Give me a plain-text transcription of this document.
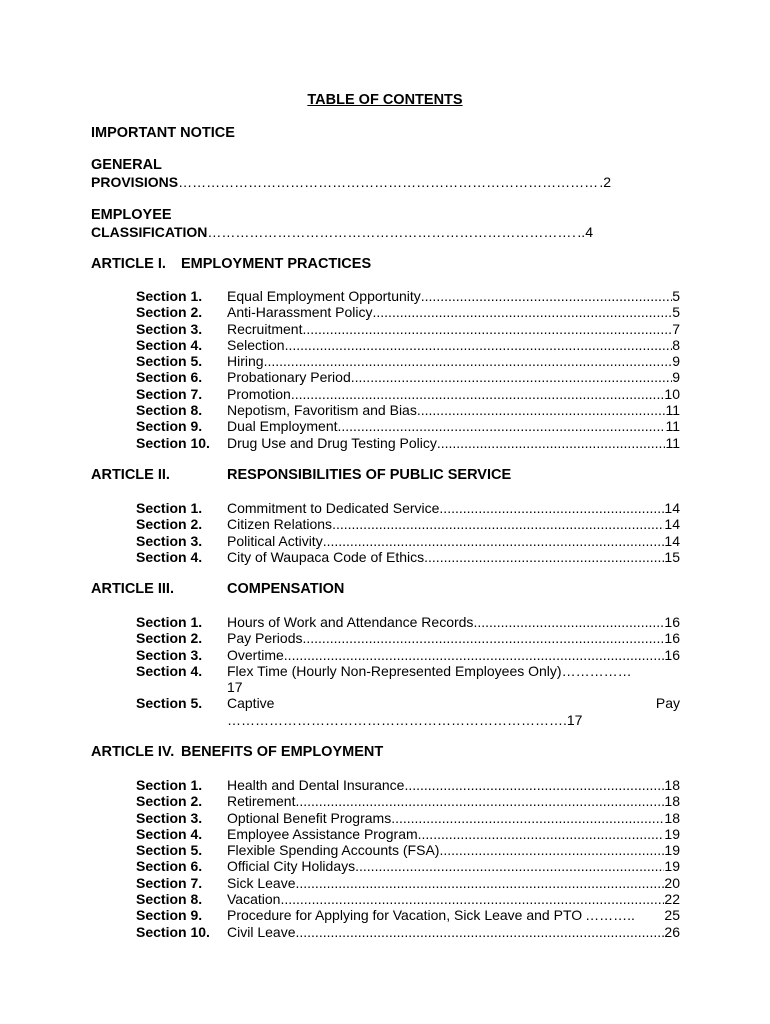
TABLE OF CONTENTS
IMPORTANT NOTICE
GENERAL
PROVISIONS ………………………………………………………………………………………………………………………………………	.2
EMPLOYEE
CLASSIFICATION ………………………………………………………………………………………………………………………………………	..4
ARTICLE I. EMPLOYMENT PRACTICES
Section 1.	Equal Employment Opportunity .....	5
Section 2.	Anti-Harassment Policy .....	5
Section 3.	Recruitment .....	7
Section 4.	Selection .....	8
Section 5.	Hiring .....	9
Section 6.	Probationary Period .....	9
Section 7.	Promotion .....	10
Section 8.	Nepotism, Favoritism and Bias .....	11
Section 9.	Dual Employment .....	11
Section 10.	Drug Use and Drug Testing Policy .....	11
ARTICLE II.	RESPONSIBILITIES OF PUBLIC SERVICE
Section 1.	Commitment to Dedicated Service .....	14
Section 2.	Citizen Relations .....	14
Section 3.	Political Activity .....	14
Section 4.	City of Waupaca Code of Ethics .....	15
ARTICLE III.	COMPENSATION
Section 1.	Hours of Work and Attendance Records .....	16
Section 2.	Pay Periods .....	16
Section 3.	Overtime .....	16
Section 4.	Flex Time (Hourly Non-Represented Employees Only)……………
17
Section 5.	Captive	Pay
……………………………………………………………….17
ARTICLE IV. BENEFITS OF EMPLOYMENT
Section 1.	Health and Dental Insurance .....	18
Section 2.	Retirement .....	18
Section 3.	Optional Benefit Programs .....	18
Section 4.	Employee Assistance Program .....	19
Section 5.	Flexible Spending Accounts (FSA) .....	19
Section 6.	Official City Holidays .....	19
Section 7.	Sick Leave .....	20
Section 8.	Vacation .....	22
Section 9.	Procedure for Applying for Vacation, Sick Leave and PTO ………..	25
Section 10.	Civil Leave .....	26
